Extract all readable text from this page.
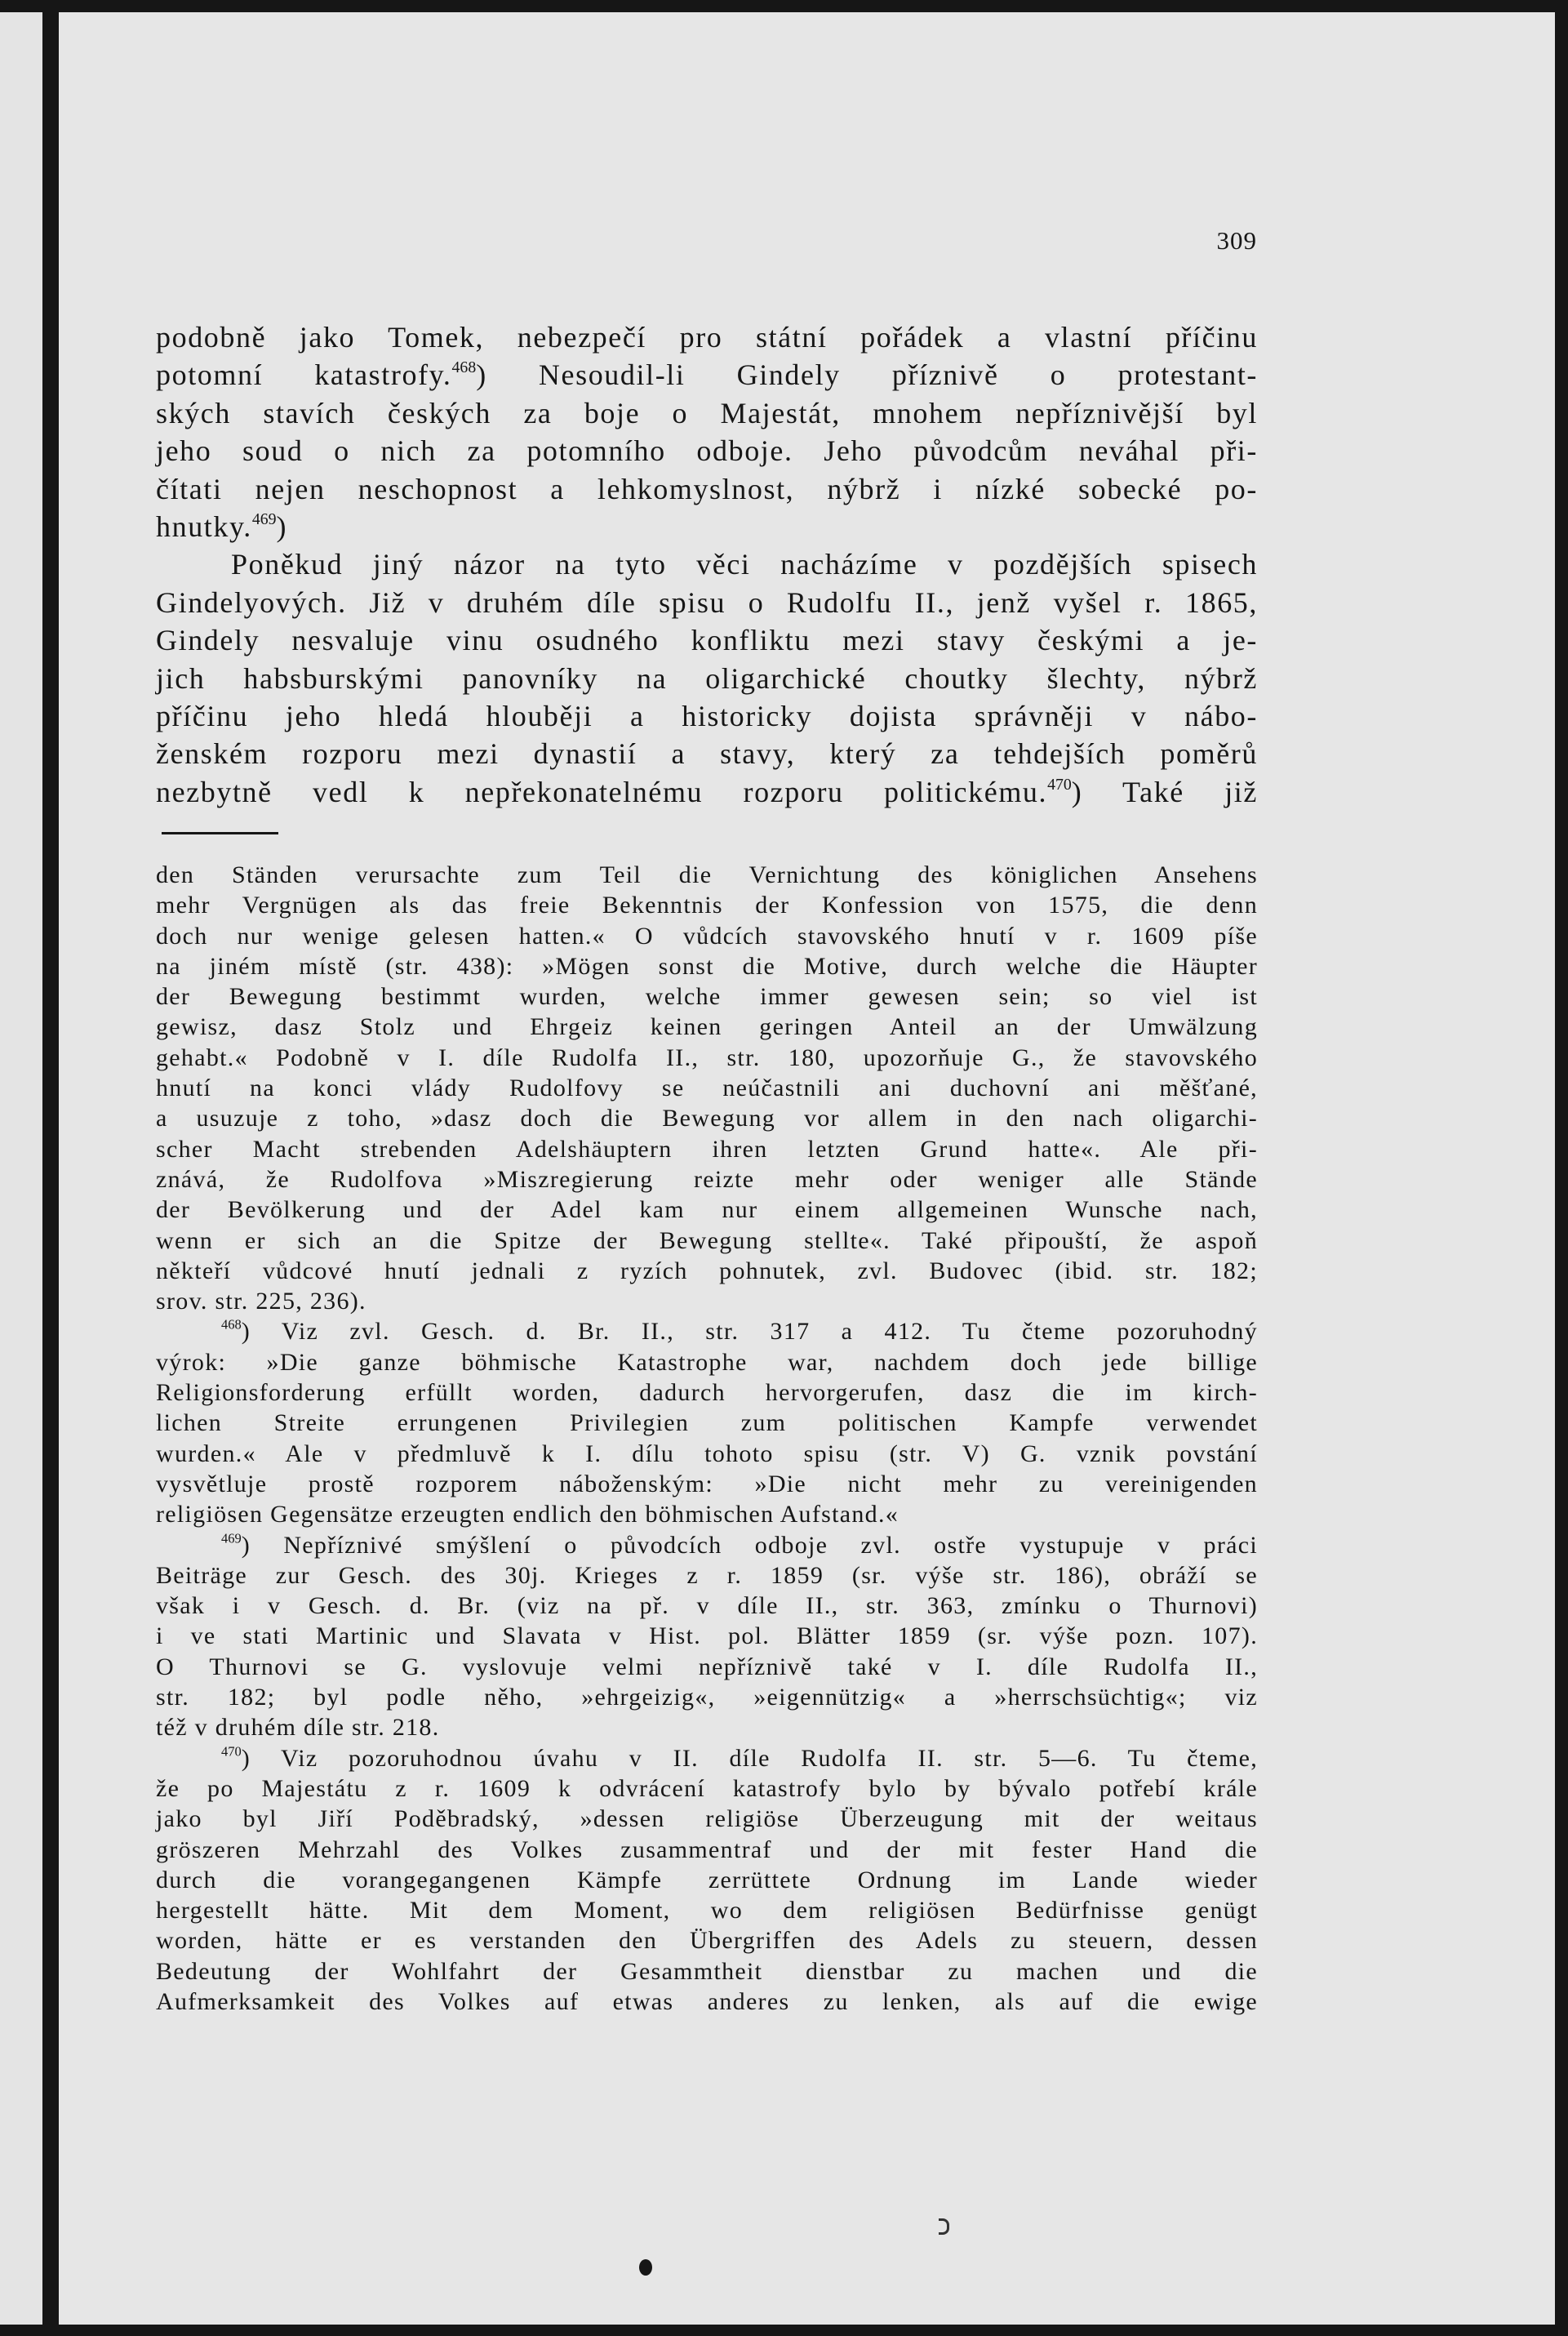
309
podobně jako Tomek, nebezpečí pro státní pořádek a vlastní příčinu
potomní katastrofy.$^{468}$) Nesoudil-li Gindely příznivě o protestant-
ských stavích českých za boje o Majestát, mnohem nepříznivější byl
jeho soud o nich za potomního odboje. Jeho původcům neváhal při-
čítati nejen neschopnost a lehkomyslnost, nýbrž i nízké sobecké po-
hnutky.$^{469}$)
Poněkud jiný názor na tyto věci nacházíme v pozdějších spisech
Gindelyových. Již v druhém díle spisu o Rudolfu II., jenž vyšel r. 1865,
Gindely nesvaluje vinu osudného konfliktu mezi stavy českými a je-
jich habsburskými panovníky na oligarchické choutky šlechty, nýbrž
příčinu jeho hledá hlouběji a historicky dojista správněji v nábo-
ženském rozporu mezi dynastií a stavy, který za tehdejších poměrů
nezbytně vedl k nepřekonatelnému rozporu politickému.$^{470}$) Také již
den Ständen verursachte zum Teil die Vernichtung des königlichen Ansehens
mehr Vergnügen als das freie Bekenntnis der Konfession von 1575, die denn
doch nur wenige gelesen hatten.« O vůdcích stavovského hnutí v r. 1609 píše
na jiném místě (str. 438): »Mögen sonst die Motive, durch welche die Häupter
der Bewegung bestimmt wurden, welche immer gewesen sein; so viel ist
gewisz, dasz Stolz und Ehrgeiz keinen geringen Anteil an der Umwälzung
gehabt.« Podobně v I. díle Rudolfa II., str. 180, upozorňuje G., že stavovského
hnutí na konci vlády Rudolfovy se neúčastnili ani duchovní ani měšťané,
a usuzuje z toho, »dasz doch die Bewegung vor allem in den nach oligarchi-
scher Macht strebenden Adelshäuptern ihren letzten Grund hatte«. Ale při-
znává, že Rudolfova »Miszregierung reizte mehr oder weniger alle Stände
der Bevölkerung und der Adel kam nur einem allgemeinen Wunsche nach,
wenn er sich an die Spitze der Bewegung stellte«. Také připouští, že aspoň
někteří vůdcové hnutí jednali z ryzích pohnutek, zvl. Budovec (ibid. str. 182;
srov. str. 225, 236).
$^{468}$) Viz zvl. Gesch. d. Br. II., str. 317 a 412. Tu čteme pozoruhodný
výrok: »Die ganze böhmische Katastrophe war, nachdem doch jede billige
Religionsforderung erfüllt worden, dadurch hervorgerufen, dasz die im kirch-
lichen Streite errungenen Privilegien zum politischen Kampfe verwendet
wurden.« Ale v předmluvě k I. dílu tohoto spisu (str. V) G. vznik povstání
vysvětluje prostě rozporem náboženským: »Die nicht mehr zu vereinigenden
religiösen Gegensätze erzeugten endlich den böhmischen Aufstand.«
$^{469}$) Nepříznivé smýšlení o původcích odboje zvl. ostře vystupuje v práci
Beiträge zur Gesch. des 30j. Krieges z r. 1859 (sr. výše str. 186), obráží se
však i v Gesch. d. Br. (viz na př. v díle II., str. 363, zmínku o Thurnovi)
i ve stati Martinic und Slavata v Hist. pol. Blätter 1859 (sr. výše pozn. 107).
O Thurnovi se G. vyslovuje velmi nepříznivě také v I. díle Rudolfa II.,
str. 182; byl podle něho, »ehrgeizig«, »eigennützig« a »herrschsüchtig«; viz
též v druhém díle str. 218.
$^{470}$) Viz pozoruhodnou úvahu v II. díle Rudolfa II. str. 5—6. Tu čteme,
že po Majestátu z r. 1609 k odvrácení katastrofy bylo by bývalo potřebí krále
jako byl Jiří Poděbradský, »dessen religiöse Überzeugung mit der weitaus
gröszeren Mehrzahl des Volkes zusammentraf und der mit fester Hand die
durch die vorangegangenen Kämpfe zerrüttete Ordnung im Lande wieder
hergestellt hätte. Mit dem Moment, wo dem religiösen Bedürfnisse genügt
worden, hätte er es verstanden den Übergriffen des Adels zu steuern, dessen
Bedeutung der Wohlfahrt der Gesammtheit dienstbar zu machen und die
Aufmerksamkeit des Volkes auf etwas anderes zu lenken, als auf die ewige
